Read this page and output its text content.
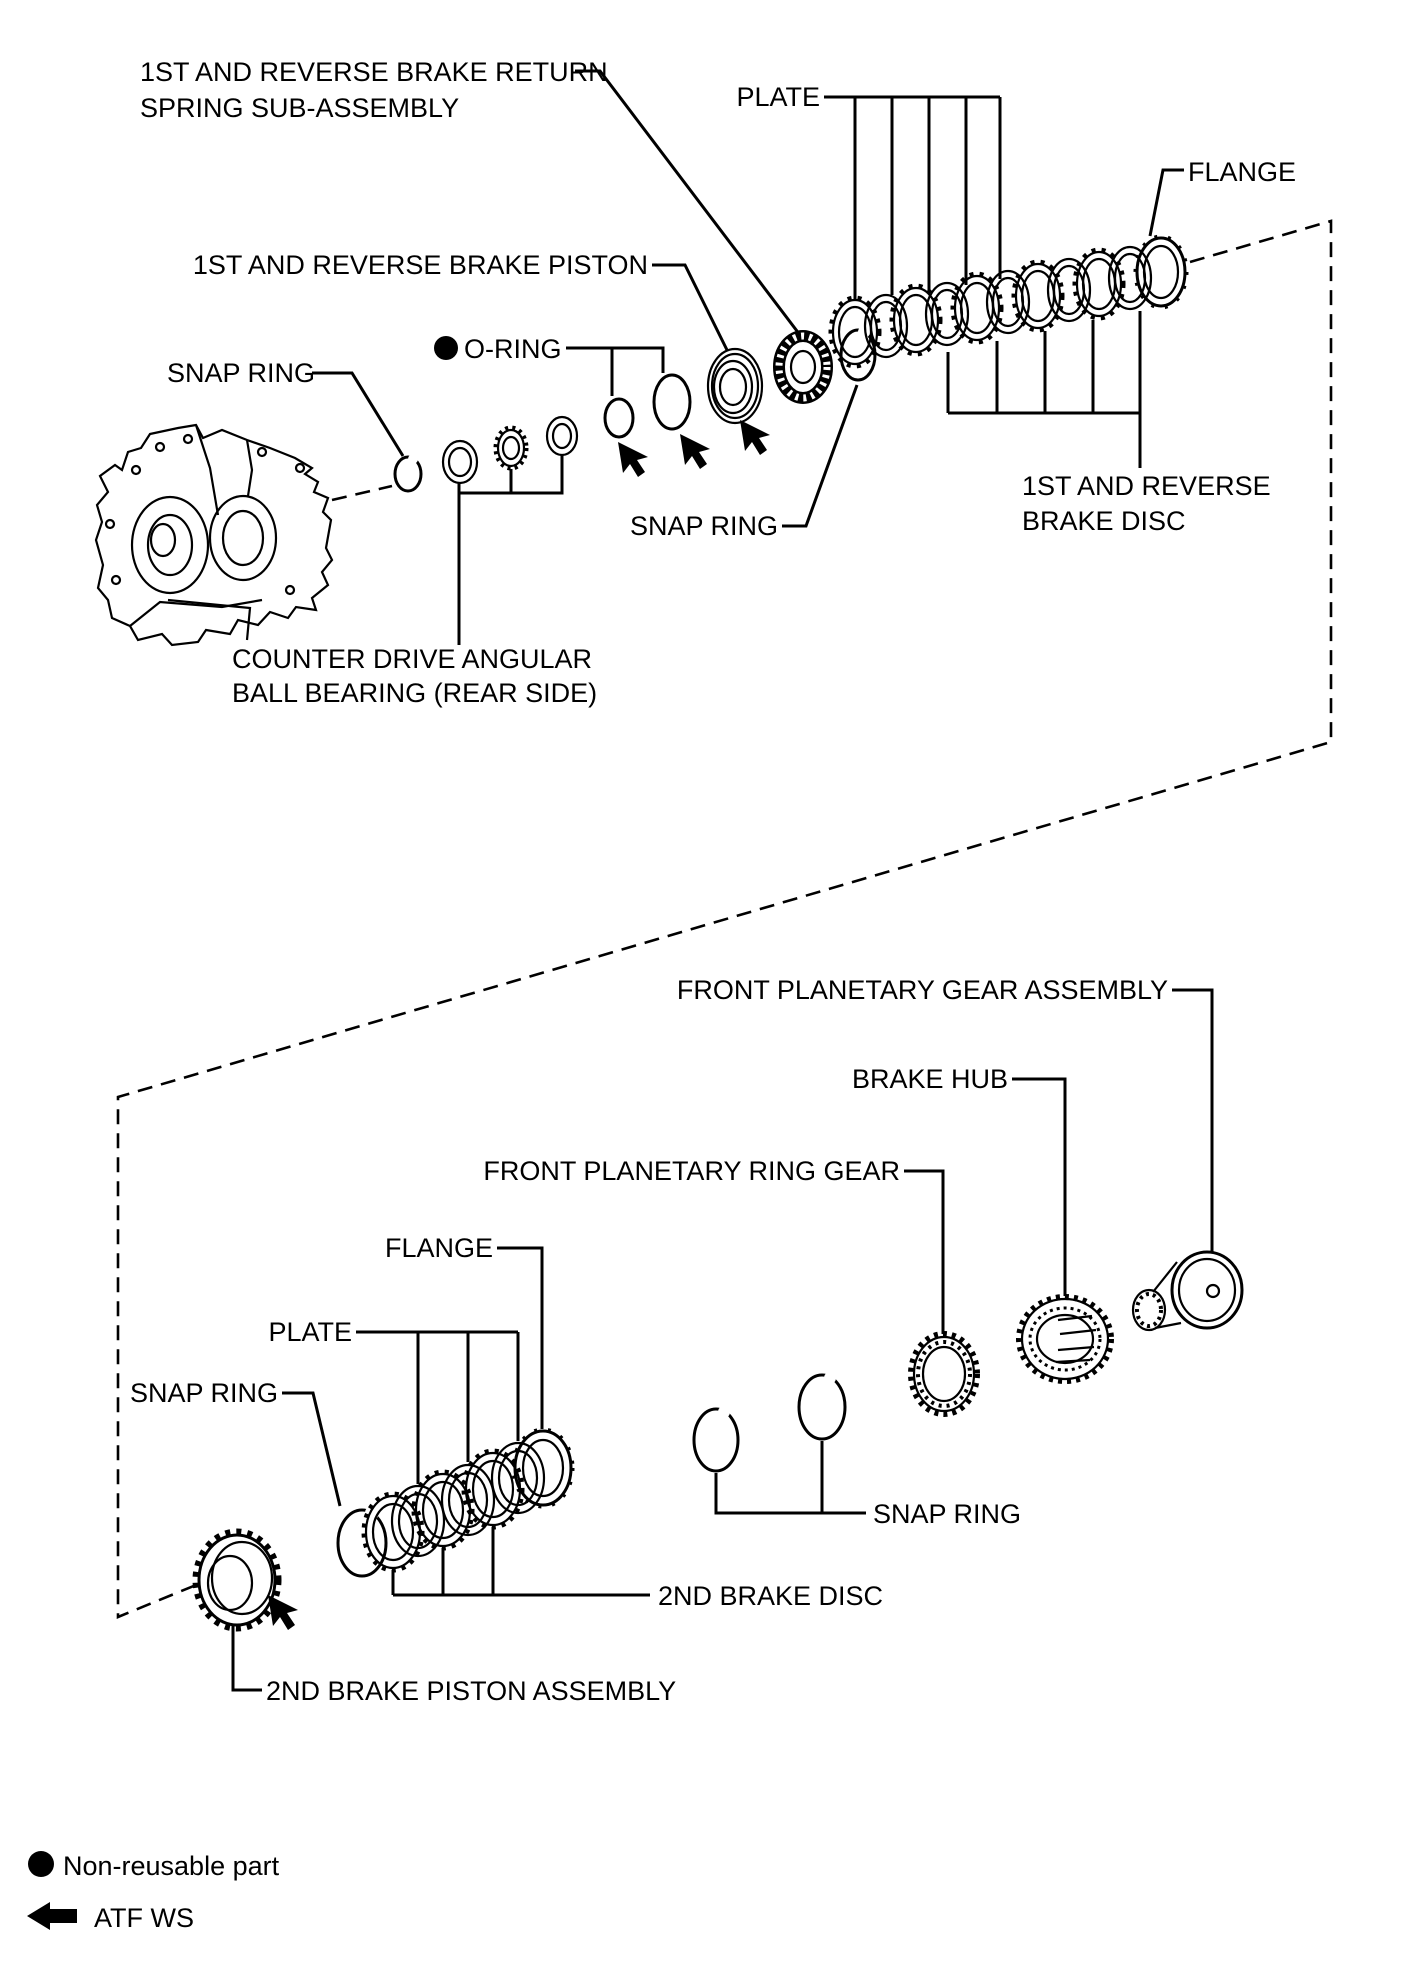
SNAP RING
COUNTER DRIVE ANGULAR
BALL BEARING (REAR SIDE)
O-RING
1ST AND REVERSE BRAKE PISTON
1ST AND REVERSE BRAKE RETURN
SPRING SUB-ASSEMBLY
SNAP RING
PLATE
FLANGE
1ST AND REVERSE
BRAKE DISC
FRONT PLANETARY GEAR ASSEMBLY
BRAKE HUB
FRONT PLANETARY RING GEAR
FLANGE
PLATE
SNAP RING
2ND BRAKE DISC
SNAP RING
2ND BRAKE PISTON ASSEMBLY
Non-reusable part
ATF WS
